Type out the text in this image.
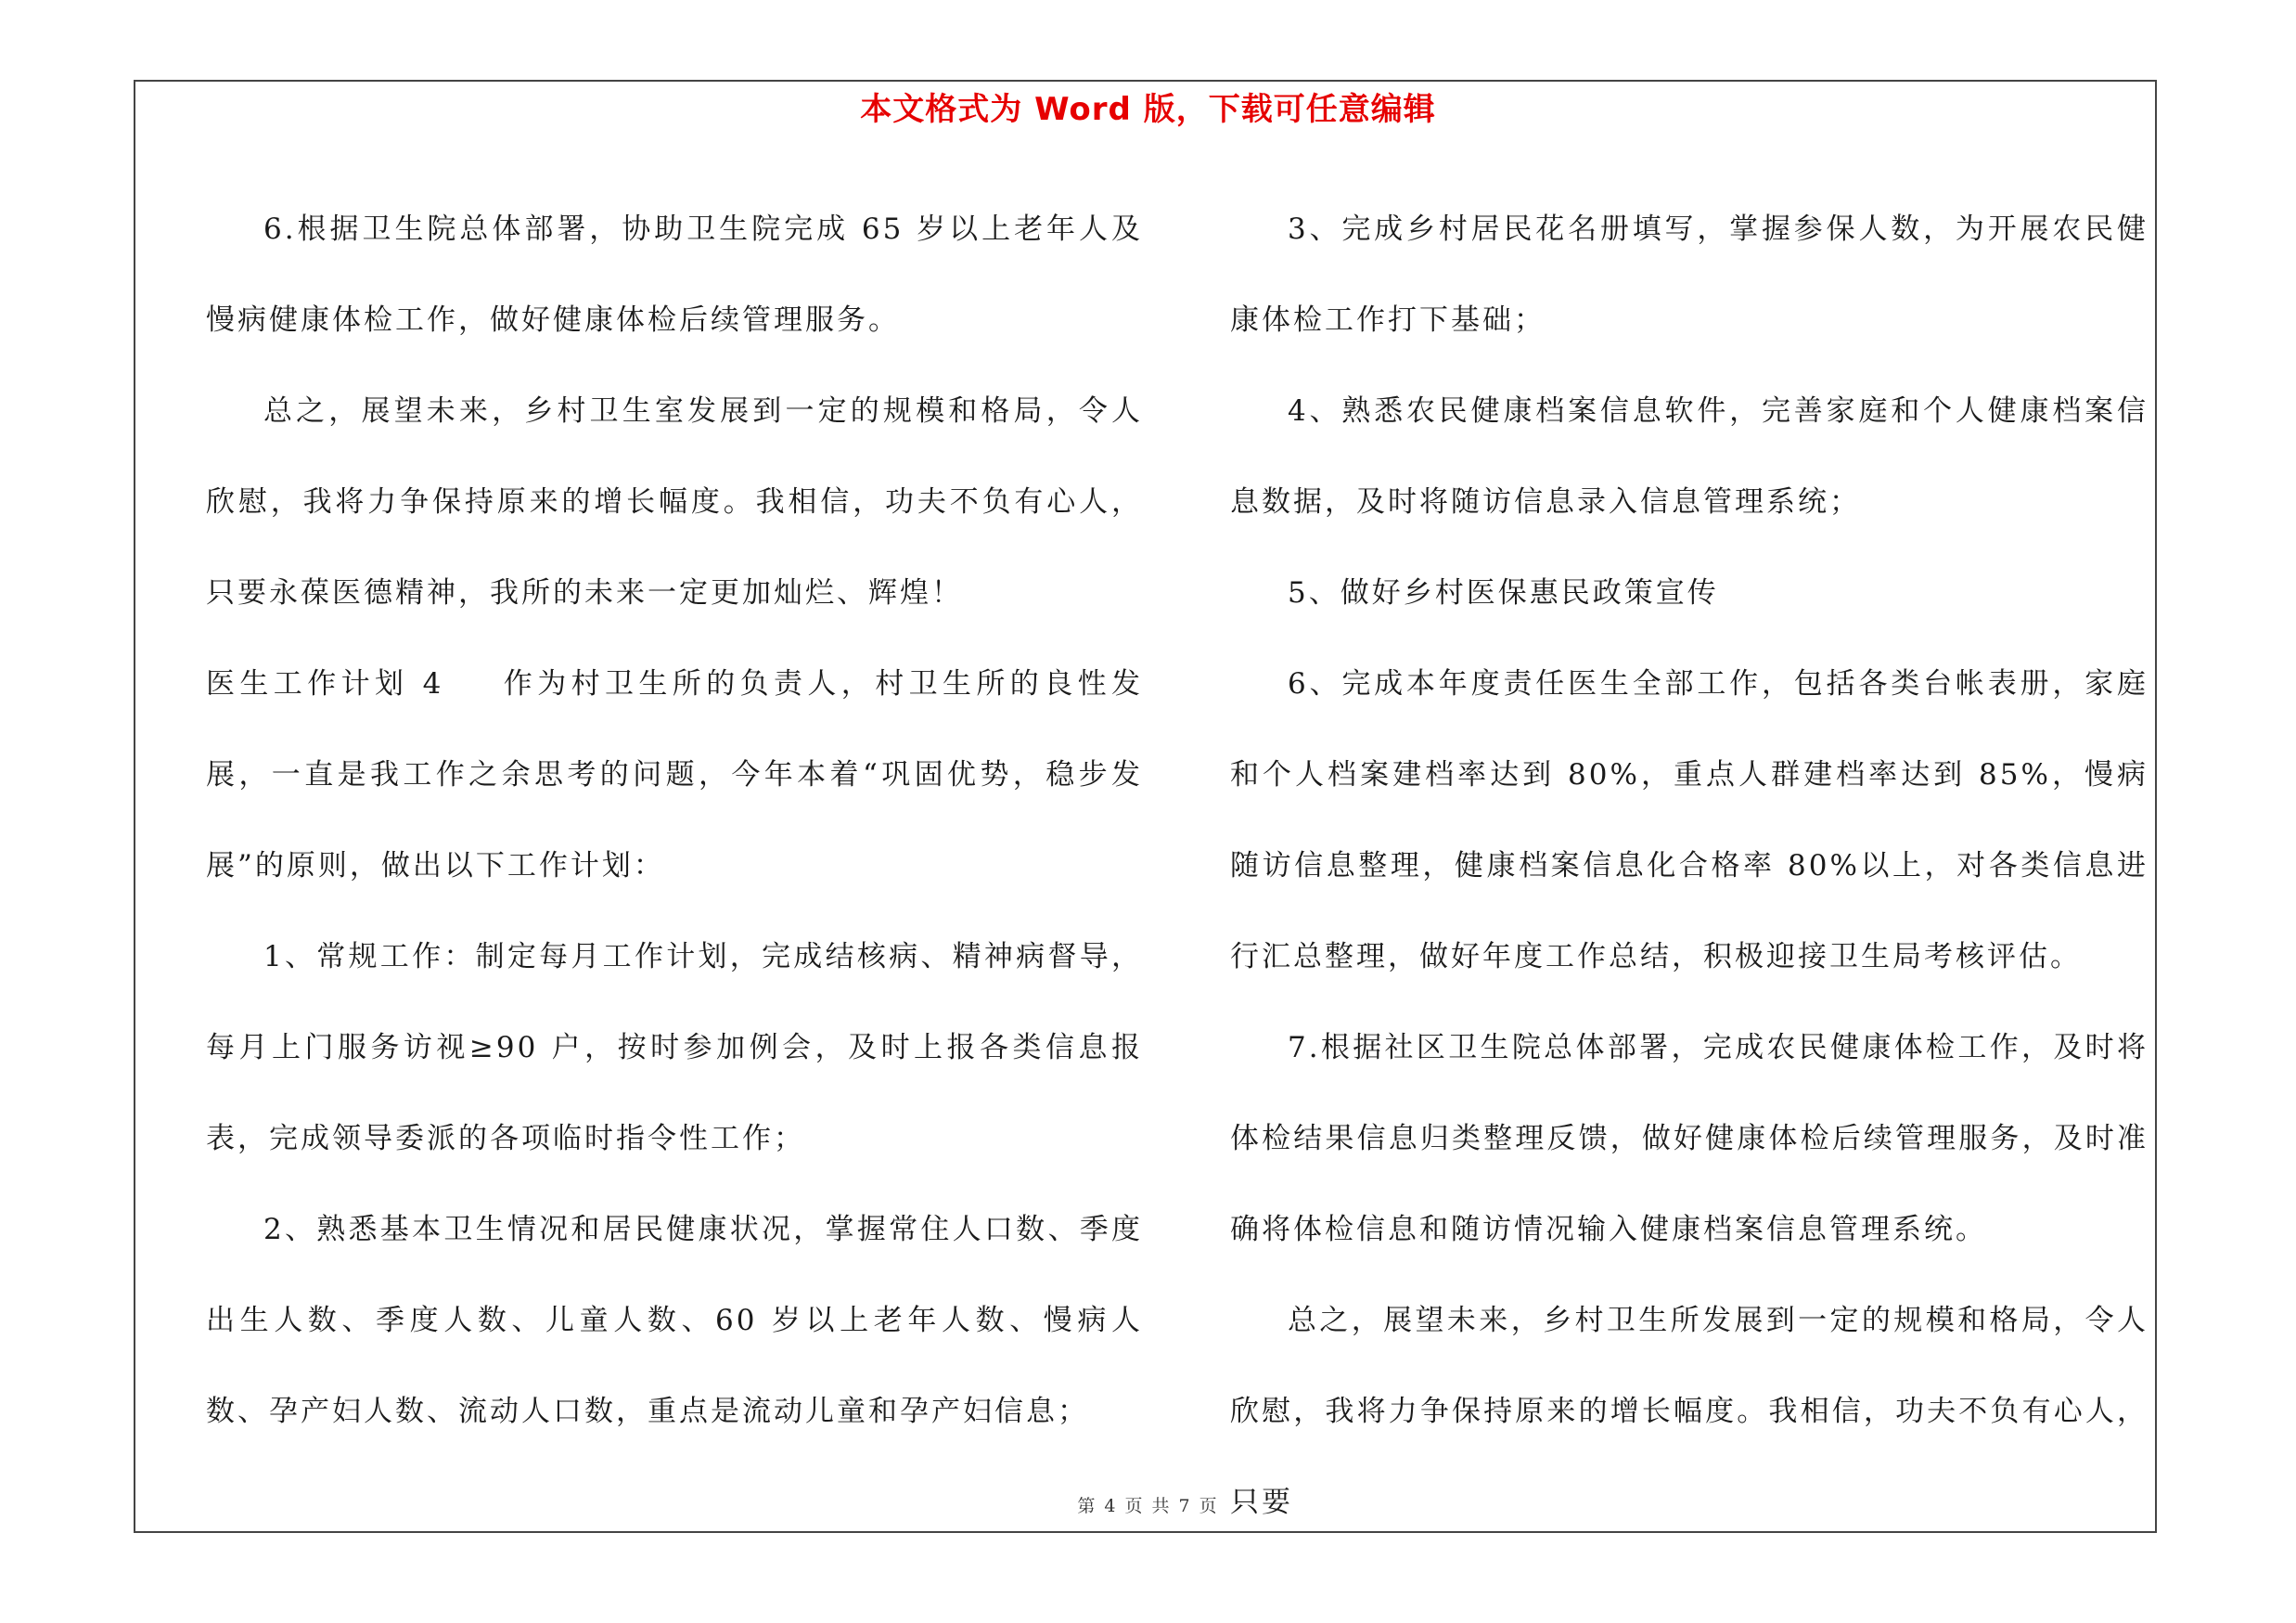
本文格式为 Word 版，下载可任意编辑

6.根据卫生院总体部署，协助卫生院完成 65 岁以上老年人及慢病健康体检工作，做好健康体检后续管理服务。

总之，展望未来，乡村卫生室发展到一定的规模和格局，令人欣慰，我将力争保持原来的增长幅度。我相信，功夫不负有心人，只要永葆医德精神，我所的未来一定更加灿烂、辉煌！

医生工作计划 4 作为村卫生所的负责人，村卫生所的良性发展，一直是我工作之余思考的问题，今年本着“巩固优势，稳步发展”的原则，做出以下工作计划：

1、常规工作：制定每月工作计划，完成结核病、精神病督导，每月上门服务访视≥90 户，按时参加例会，及时上报各类信息报表，完成领导委派的各项临时指令性工作；

2、熟悉基本卫生情况和居民健康状况，掌握常住人口数、季度出生人数、季度人数、儿童人数、60 岁以上老年人数、慢病人数、孕产妇人数、流动人口数，重点是流动儿童和孕产妇信息；

3、完成乡村居民花名册填写，掌握参保人数，为开展农民健康体检工作打下基础；

4、熟悉农民健康档案信息软件，完善家庭和个人健康档案信息数据，及时将随访信息录入信息管理系统；

5、做好乡村医保惠民政策宣传

6、完成本年度责任医生全部工作，包括各类台帐表册，家庭和个人档案建档率达到 80%，重点人群建档率达到 85%，慢病随访信息整理，健康档案信息化合格率 80%以上，对各类信息进行汇总整理，做好年度工作总结，积极迎接卫生局考核评估。

7.根据社区卫生院总体部署，完成农民健康体检工作，及时将体检结果信息归类整理反馈，做好健康体检后续管理服务，及时准确将体检信息和随访情况输入健康档案信息管理系统。

总之，展望未来，乡村卫生所发展到一定的规模和格局，令人欣慰，我将力争保持原来的增长幅度。我相信，功夫不负有心人，只要

第 4 页 共 7 页
